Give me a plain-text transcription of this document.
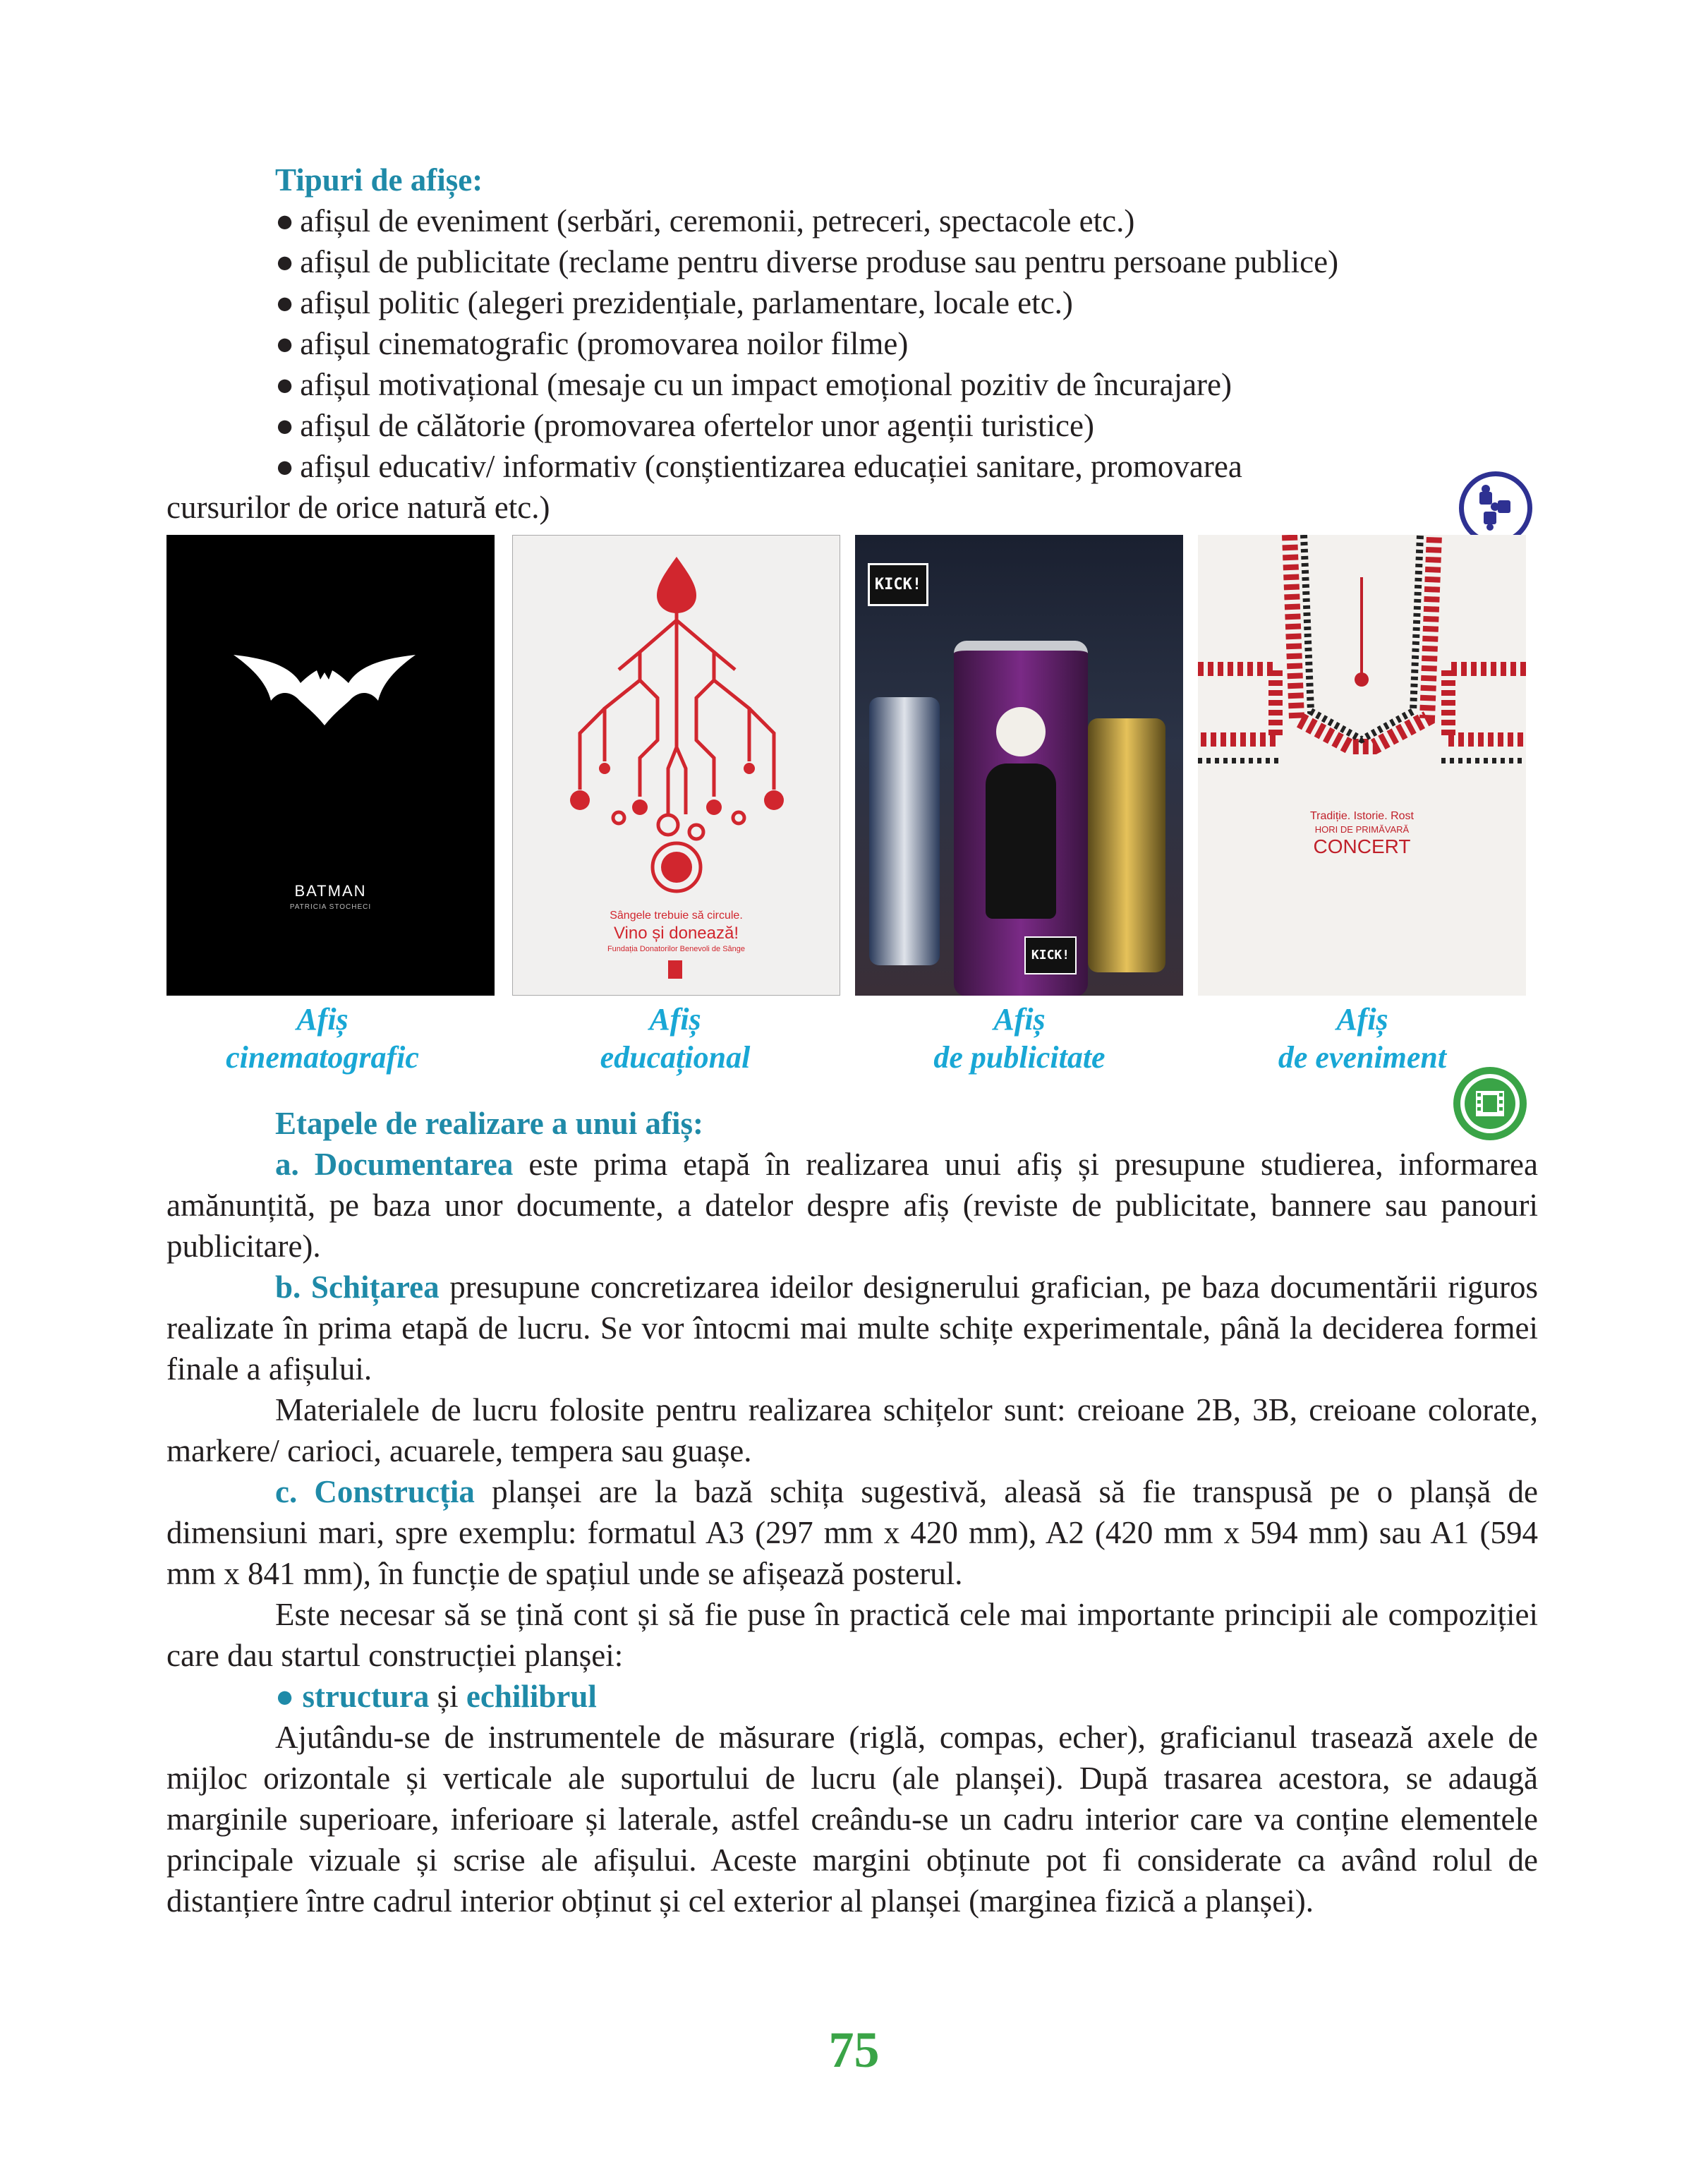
Tipuri de afișe:

● afișul de eveniment (serbări, ceremonii, petreceri, spectacole etc.)
● afișul de publicitate (reclame pentru diverse produse sau pentru persoane publice)
● afișul politic (alegeri prezidențiale, parlamentare, locale etc.)
● afișul cinematografic (promovarea noilor filme)
● afișul motivațional (mesaje cu un impact emoțional pozitiv de încurajare)
● afișul de călătorie (promovarea ofertelor unor agenții turistice)
● afișul educativ/ informativ (conștientizarea educației sanitare, promovarea
cursurilor de orice natură etc.)
BATMAN
PATRICIA STOCHECI
Sângele trebuie să circule.
Vino și donează!
Fundația Donatorilor Benevoli de Sânge
KICK!
KICK!
Tradiție. Istorie. Rost
HORI DE PRIMĂVARĂ
CONCERT
Afiș
cinematografic
Afiș
educațional
Afiș
de publicitate
Afiș
de eveniment

Etapele de realizare a unui afiș:

a. Documentarea este prima etapă în realizarea unui afiș și presupune studierea, informarea amănunțită, pe baza unor documente, a datelor despre afiș (reviste de publicitate, bannere sau panouri publicitare).

b. Schițarea presupune concretizarea ideilor designerului grafician, pe baza documentării riguros realizate în prima etapă de lucru. Se vor întocmi mai multe schițe experimentale, până la deciderea formei finale a afișului.

Materialele de lucru folosite pentru realizarea schițelor sunt: creioane 2B, 3B, creioane colorate, markere/ carioci, acuarele, tempera sau guașe.

c. Construcția planșei are la bază schița sugestivă, aleasă să fie transpusă pe o planșă de dimensiuni mari, spre exemplu: formatul A3 (297 mm x 420 mm), A2 (420 mm x 594 mm) sau A1 (594 mm x 841 mm), în funcție de spațiul unde se afișează posterul.

Este necesar să se țină cont și să fie puse în practică cele mai importante principii ale compoziției care dau startul construcției planșei:

● structura și echilibrul

Ajutându-se de instrumentele de măsurare (riglă, compas, echer), graficianul trasează axele de mijloc orizontale și verticale ale suportului de lucru (ale planșei). După trasarea acestora, se adaugă marginile superioare, inferioare și laterale, astfel creându-se un cadru interior care va conține elementele principale vizuale și scrise ale afișului. Aceste margini obținute pot fi considerate ca având rolul de distanțiere între cadrul interior obținut și cel exterior al planșei (marginea fizică a planșei).

75
